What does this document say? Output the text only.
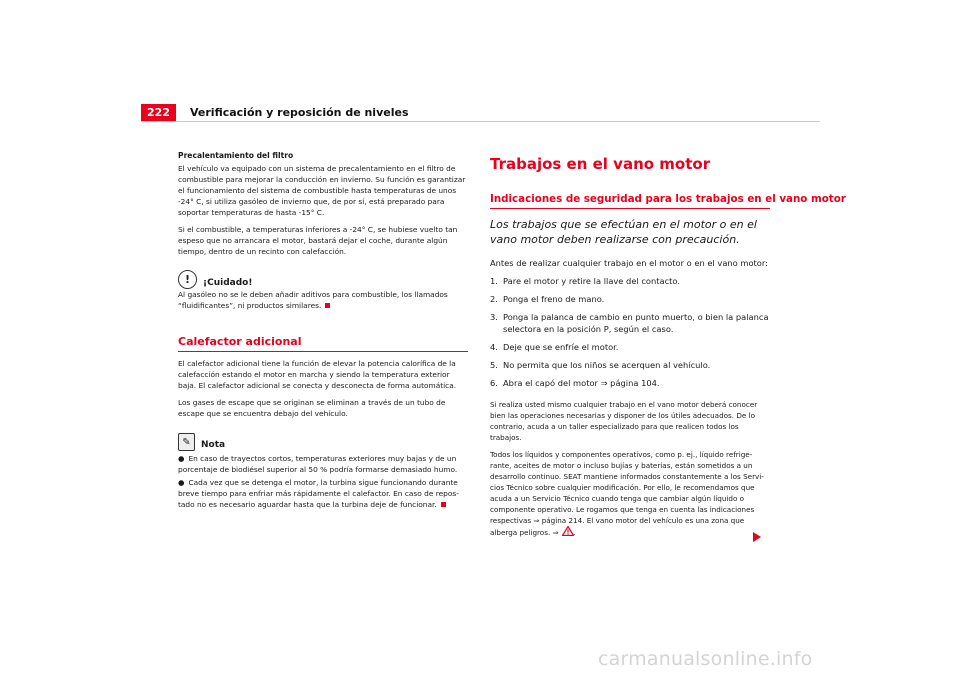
222	Verificación y reposición de niveles

Precalentamiento del filtro

El vehículo va equipado con un sistema de precalentamiento en el filtro de combustible para mejorar la conducción en invierno. Su función es garantizar el funcionamiento del sistema de combustible hasta temperaturas de unos -24° C, si utiliza gasóleo de invierno que, de por sí, está preparado para soportar temperaturas de hasta -15° C.

Si el combustible, a temperaturas inferiores a -24° C, se hubiese vuelto tan espeso que no arrancara el motor, bastará dejar el coche, durante algún tiempo, dentro de un recinto con calefacción.

!	¡Cuidado!

Al gasóleo no se le deben añadir aditivos para combustible, los llamados “fluidificantes”, ni productos similares.

Calefactor adicional

El calefactor adicional tiene la función de elevar la potencia calorífica de la calefacción estando el motor en marcha y siendo la temperatura exterior baja. El calefactor adicional se conecta y desconecta de forma automática.

Los gases de escape que se originan se eliminan a través de un tubo de escape que se encuentra debajo del vehículo.

✎	Nota

● En caso de trayectos cortos, temperaturas exteriores muy bajas y de un porcentaje de biodiésel superior al 50 % podría formarse demasiado humo.

● Cada vez que se detenga el motor, la turbina sigue funcionando durante breve tiempo para enfriar más rápidamente el calefactor. En caso de repos-tado no es necesario aguardar hasta que la turbina deje de funcionar.

Trabajos en el vano motor
Indicaciones de seguridad para los trabajos en el vano motor

Los trabajos que se efectúan en el motor o en el vano motor deben realizarse con precaución.

Antes de realizar cualquier trabajo en el motor o en el vano motor:

1. Pare el motor y retire la llave del contacto.
2. Ponga el freno de mano.
3. Ponga la palanca de cambio en punto muerto, o bien la palanca selectora en la posición P, según el caso.
4. Deje que se enfríe el motor.
5. No permita que los niños se acerquen al vehículo.
6. Abra el capó del motor ⇒ página 104.

Si realiza usted mismo cualquier trabajo en el vano motor deberá conocer bien las operaciones necesarias y disponer de los útiles adecuados. De lo contrario, acuda a un taller especializado para que realicen todos los trabajos.

Todos los líquidos y componentes operativos, como p. ej., líquido refrige-rante, aceites de motor o incluso bujías y baterías, están sometidos a un desarrollo continuo. SEAT mantiene informados constantemente a los Servi-cios Técnico sobre cualquier modificación. Por ello, le recomendamos que acuda a un Servicio Técnico cuando tenga que cambiar algún líquido o componente operativo. Le rogamos que tenga en cuenta las indicaciones respectivas ⇒ página 214. El vano motor del vehículo es una zona que alberga peligros. ⇒ .

carmanualsonline.info
